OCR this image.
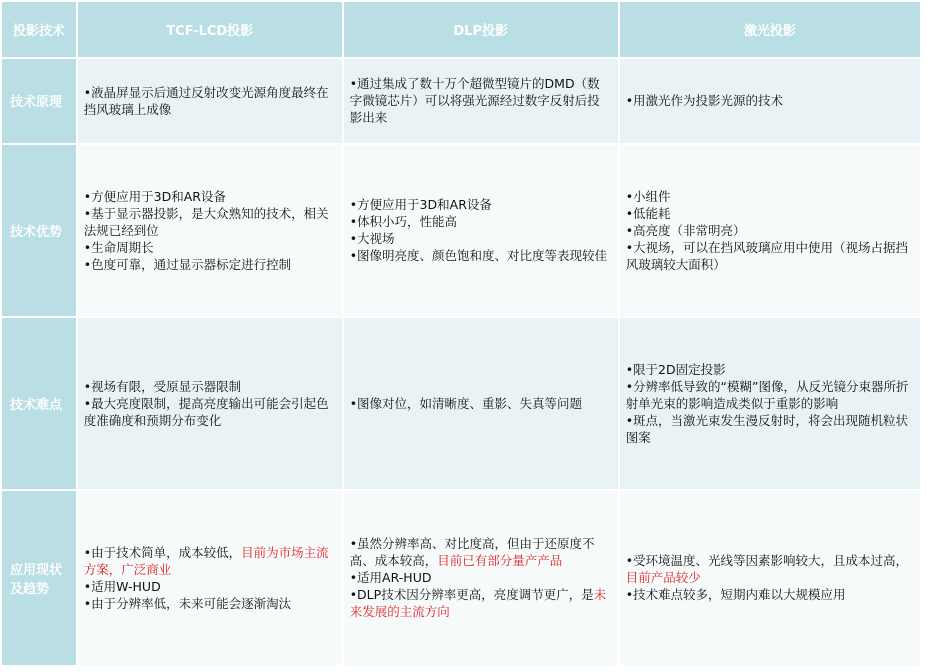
投影技术	TCF-LCD投影	DLP投影	激光投影
技术原理	•液晶屏显示后通过反射改变光源角度最终在挡风玻璃上成像	•通过集成了数十万个超微型镜片的DMD（数字微镜芯片）可以将强光源经过数字反射后投影出来	•用激光作为投影光源的技术

技术优势	•方便应用于3D和AR设备
•基于显示器投影，是大众熟知的技术，相关法规已经到位
•生命周期长
•色度可靠，通过显示器标定进行控制	•方便应用于3D和AR设备
•体积小巧，性能高
•大视场
•图像明亮度、颜色饱和度、对比度等表现较佳	•小组件
•低能耗
•高亮度（非常明亮）
•大视场，可以在挡风玻璃应用中使用（视场占据挡风玻璃较大面积）

技术难点	•视场有限，受原显示器限制
•最大亮度限制，提高亮度输出可能会引起色度准确度和预期分布变化	•图像对位，如清晰度、重影、失真等问题	•限于2D固定投影
•分辨率低导致的“模糊”图像，从反光镜分束器所折射单光束的影响造成类似于重影的影响
•斑点，当激光束发生漫反射时，将会出现随机粒状图案

应用现状及趋势	•由于技术简单，成本较低，目前为市场主流方案，广泛商业
•适用W-HUD
•由于分辨率低，未来可能会逐渐淘汰	•虽然分辨率高、对比度高，但由于还原度不高、成本较高，目前已有部分量产产品
•适用AR-HUD
•DLP技术因分辨率更高，亮度调节更广，是未来发展的主流方向	•受环境温度、光线等因素影响较大，且成本过高，目前产品较少
•技术难点较多，短期内难以大规模应用
